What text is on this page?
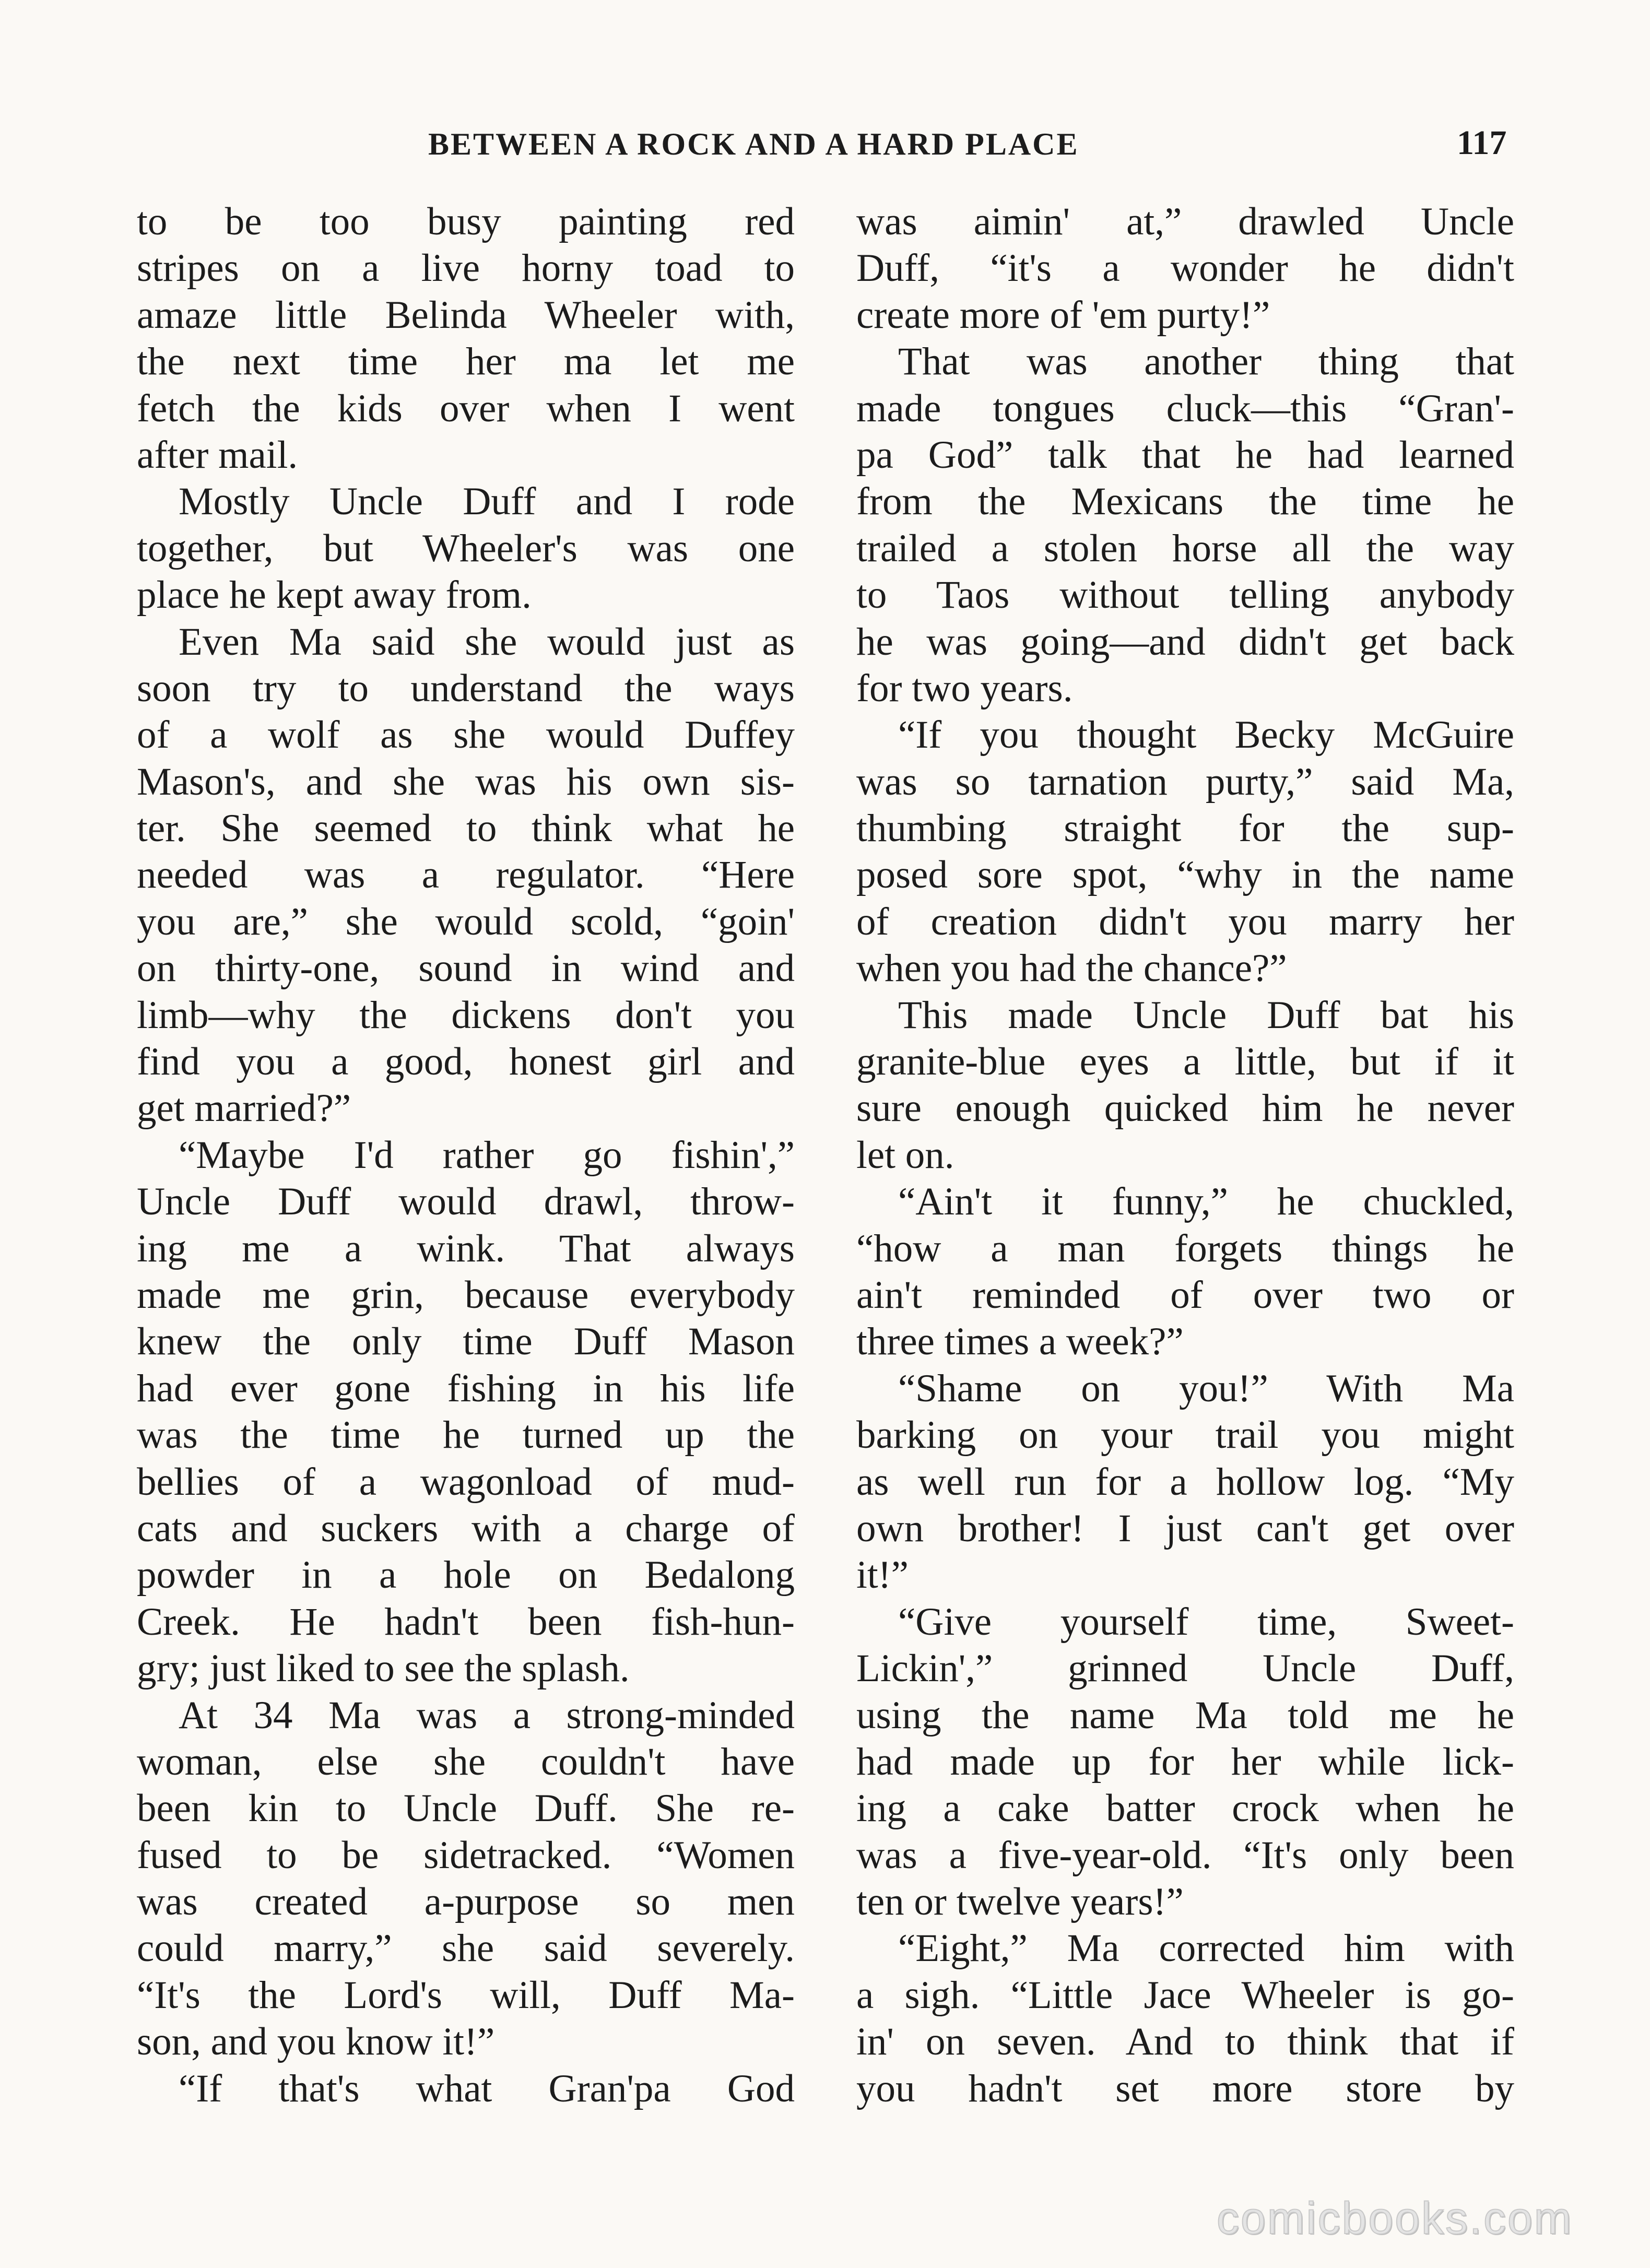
BETWEEN A ROCK AND A HARD PLACE	117
to be too busy painting red
stripes on a live horny toad to
amaze little Belinda Wheeler with,
the next time her ma let me
fetch the kids over when I went
after mail.
Mostly Uncle Duff and I rode
together, but Wheeler's was one
place he kept away from.
Even Ma said she would just as
soon try to understand the ways
of a wolf as she would Duffey
Mason's, and she was his own sis-
ter. She seemed to think what he
needed was a regulator. “Here
you are,” she would scold, “goin'
on thirty-one, sound in wind and
limb—why the dickens don't you
find you a good, honest girl and
get married?”
“Maybe I'd rather go fishin',”
Uncle Duff would drawl, throw-
ing me a wink. That always
made me grin, because everybody
knew the only time Duff Mason
had ever gone fishing in his life
was the time he turned up the
bellies of a wagonload of mud-
cats and suckers with a charge of
powder in a hole on Bedalong
Creek. He hadn't been fish-hun-
gry; just liked to see the splash.
At 34 Ma was a strong-minded
woman, else she couldn't have
been kin to Uncle Duff. She re-
fused to be sidetracked. “Women
was created a-purpose so men
could marry,” she said severely.
“It's the Lord's will, Duff Ma-
son, and you know it!”
“If that's what Gran'pa God
was aimin' at,” drawled Uncle
Duff, “it's a wonder he didn't
create more of 'em purty!”
That was another thing that
made tongues cluck—this “Gran'-
pa God” talk that he had learned
from the Mexicans the time he
trailed a stolen horse all the way
to Taos without telling anybody
he was going—and didn't get back
for two years.
“If you thought Becky McGuire
was so tarnation purty,” said Ma,
thumbing straight for the sup-
posed sore spot, “why in the name
of creation didn't you marry her
when you had the chance?”
This made Uncle Duff bat his
granite-blue eyes a little, but if it
sure enough quicked him he never
let on.
“Ain't it funny,” he chuckled,
“how a man forgets things he
ain't reminded of over two or
three times a week?”
“Shame on you!” With Ma
barking on your trail you might
as well run for a hollow log. “My
own brother! I just can't get over
it!”
“Give yourself time, Sweet-
Lickin',” grinned Uncle Duff,
using the name Ma told me he
had made up for her while lick-
ing a cake batter crock when he
was a five-year-old. “It's only been
ten or twelve years!”
“Eight,” Ma corrected him with
a sigh. “Little Jace Wheeler is go-
in' on seven. And to think that if
you hadn't set more store by
comicbooks.com
